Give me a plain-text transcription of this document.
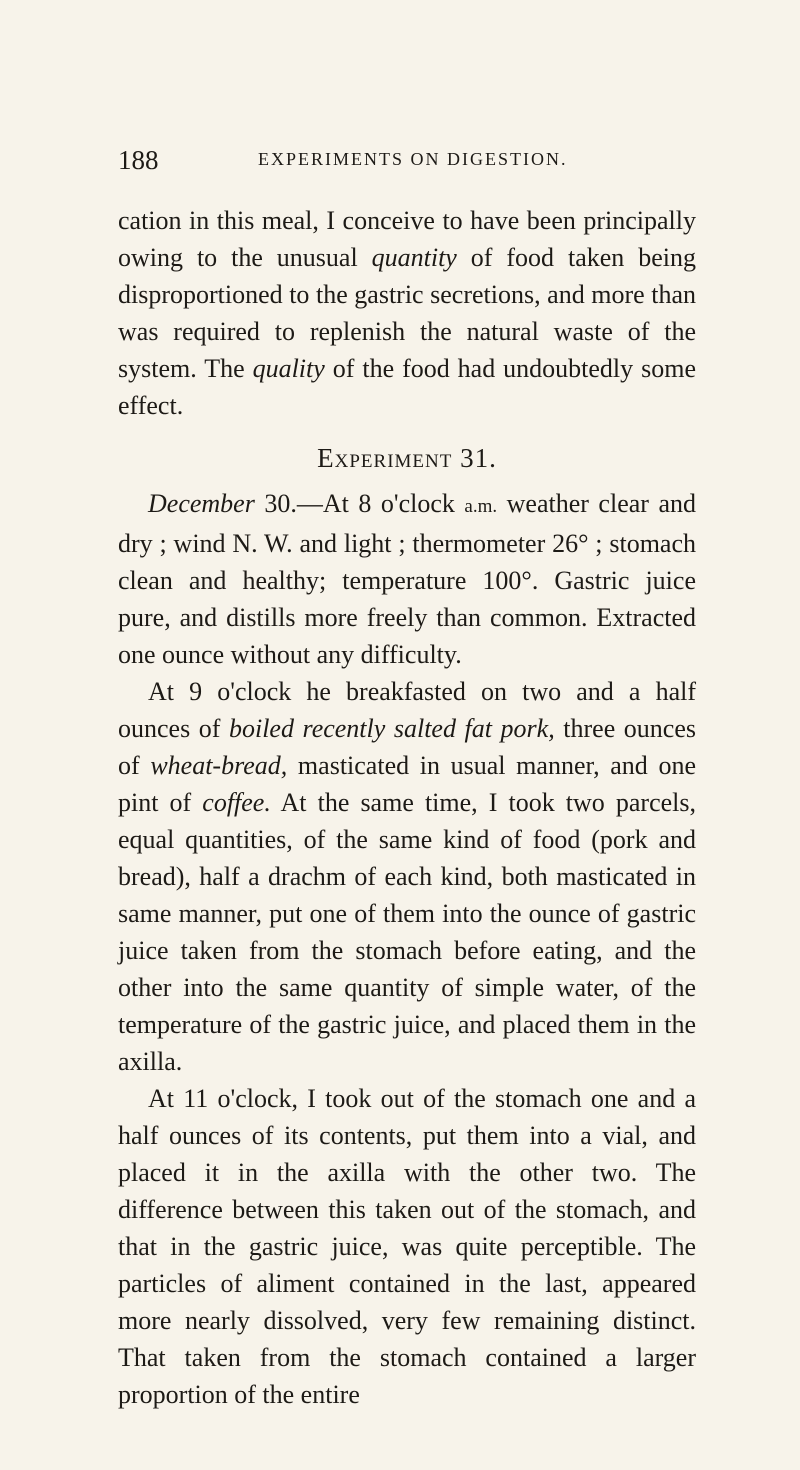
188	EXPERIMENTS ON DIGESTION.

cation in this meal, I conceive to have been principally owing to the unusual quantity of food taken being disproportioned to the gastric secretions, and more than was required to replenish the natural waste of the system. The quality of the food had undoubtedly some effect.

Experiment 31.

December 30.—At 8 o'clock a.m. weather clear and dry ; wind N. W. and light ; thermometer 26° ; stomach clean and healthy; temperature 100°. Gastric juice pure, and distills more freely than common. Extracted one ounce without any difficulty.

At 9 o'clock he breakfasted on two and a half ounces of boiled recently salted fat pork, three ounces of wheat-bread, masticated in usual manner, and one pint of coffee. At the same time, I took two parcels, equal quantities, of the same kind of food (pork and bread), half a drachm of each kind, both masticated in same manner, put one of them into the ounce of gastric juice taken from the stomach before eating, and the other into the same quantity of simple water, of the temperature of the gastric juice, and placed them in the axilla.

At 11 o'clock, I took out of the stomach one and a half ounces of its contents, put them into a vial, and placed it in the axilla with the other two. The difference between this taken out of the stomach, and that in the gastric juice, was quite perceptible. The particles of aliment contained in the last, appeared more nearly dissolved, very few remaining distinct. That taken from the stomach contained a larger proportion of the entire
